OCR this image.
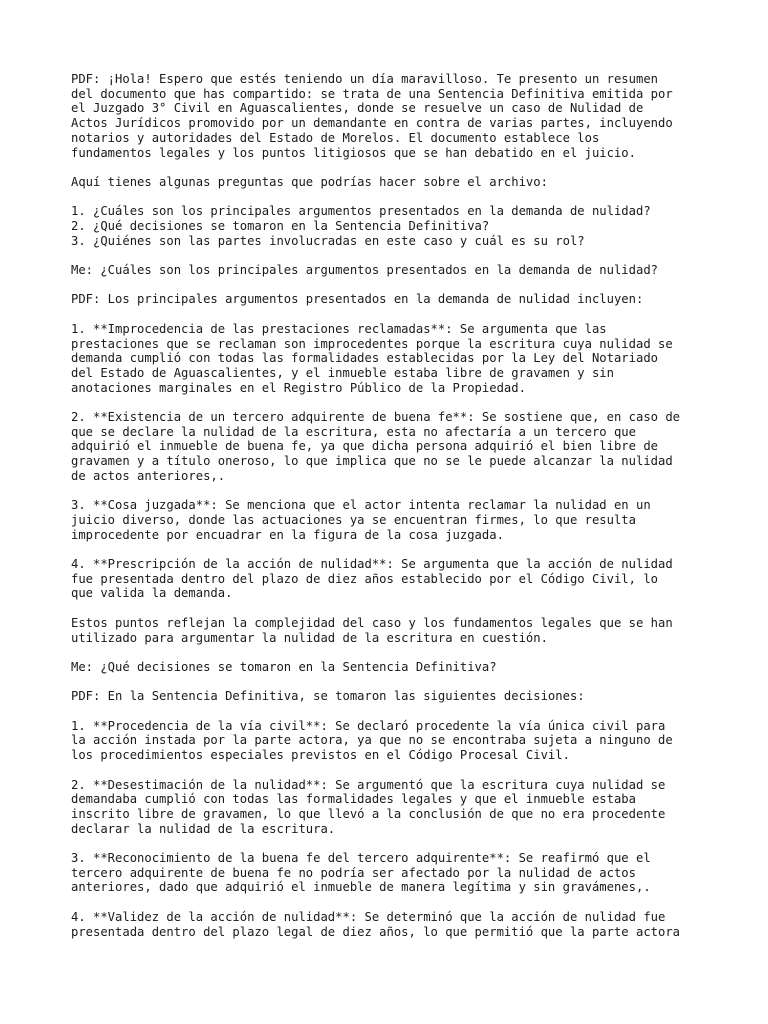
PDF: ¡Hola! Espero que estés teniendo un día maravilloso. Te presento un resumen
del documento que has compartido: se trata de una Sentencia Definitiva emitida por
el Juzgado 3° Civil en Aguascalientes, donde se resuelve un caso de Nulidad de
Actos Jurídicos promovido por un demandante en contra de varias partes, incluyendo
notarios y autoridades del Estado de Morelos. El documento establece los
fundamentos legales y los puntos litigiosos que se han debatido en el juicio.

Aquí tienes algunas preguntas que podrías hacer sobre el archivo:

1. ¿Cuáles son los principales argumentos presentados en la demanda de nulidad?
2. ¿Qué decisiones se tomaron en la Sentencia Definitiva?
3. ¿Quiénes son las partes involucradas en este caso y cuál es su rol?

Me: ¿Cuáles son los principales argumentos presentados en la demanda de nulidad?

PDF: Los principales argumentos presentados en la demanda de nulidad incluyen:

1. **Improcedencia de las prestaciones reclamadas**: Se argumenta que las
prestaciones que se reclaman son improcedentes porque la escritura cuya nulidad se
demanda cumplió con todas las formalidades establecidas por la Ley del Notariado
del Estado de Aguascalientes, y el inmueble estaba libre de gravamen y sin
anotaciones marginales en el Registro Público de la Propiedad.

2. **Existencia de un tercero adquirente de buena fe**: Se sostiene que, en caso de
que se declare la nulidad de la escritura, esta no afectaría a un tercero que
adquirió el inmueble de buena fe, ya que dicha persona adquirió el bien libre de
gravamen y a título oneroso, lo que implica que no se le puede alcanzar la nulidad
de actos anteriores,.

3. **Cosa juzgada**: Se menciona que el actor intenta reclamar la nulidad en un
juicio diverso, donde las actuaciones ya se encuentran firmes, lo que resulta
improcedente por encuadrar en la figura de la cosa juzgada.

4. **Prescripción de la acción de nulidad**: Se argumenta que la acción de nulidad
fue presentada dentro del plazo de diez años establecido por el Código Civil, lo
que valida la demanda.

Estos puntos reflejan la complejidad del caso y los fundamentos legales que se han
utilizado para argumentar la nulidad de la escritura en cuestión.

Me: ¿Qué decisiones se tomaron en la Sentencia Definitiva?

PDF: En la Sentencia Definitiva, se tomaron las siguientes decisiones:

1. **Procedencia de la vía civil**: Se declaró procedente la vía única civil para
la acción instada por la parte actora, ya que no se encontraba sujeta a ninguno de
los procedimientos especiales previstos en el Código Procesal Civil.

2. **Desestimación de la nulidad**: Se argumentó que la escritura cuya nulidad se
demandaba cumplió con todas las formalidades legales y que el inmueble estaba
inscrito libre de gravamen, lo que llevó a la conclusión de que no era procedente
declarar la nulidad de la escritura.

3. **Reconocimiento de la buena fe del tercero adquirente**: Se reafirmó que el
tercero adquirente de buena fe no podría ser afectado por la nulidad de actos
anteriores, dado que adquirió el inmueble de manera legítima y sin gravámenes,.

4. **Validez de la acción de nulidad**: Se determinó que la acción de nulidad fue
presentada dentro del plazo legal de diez años, lo que permitió que la parte actora
